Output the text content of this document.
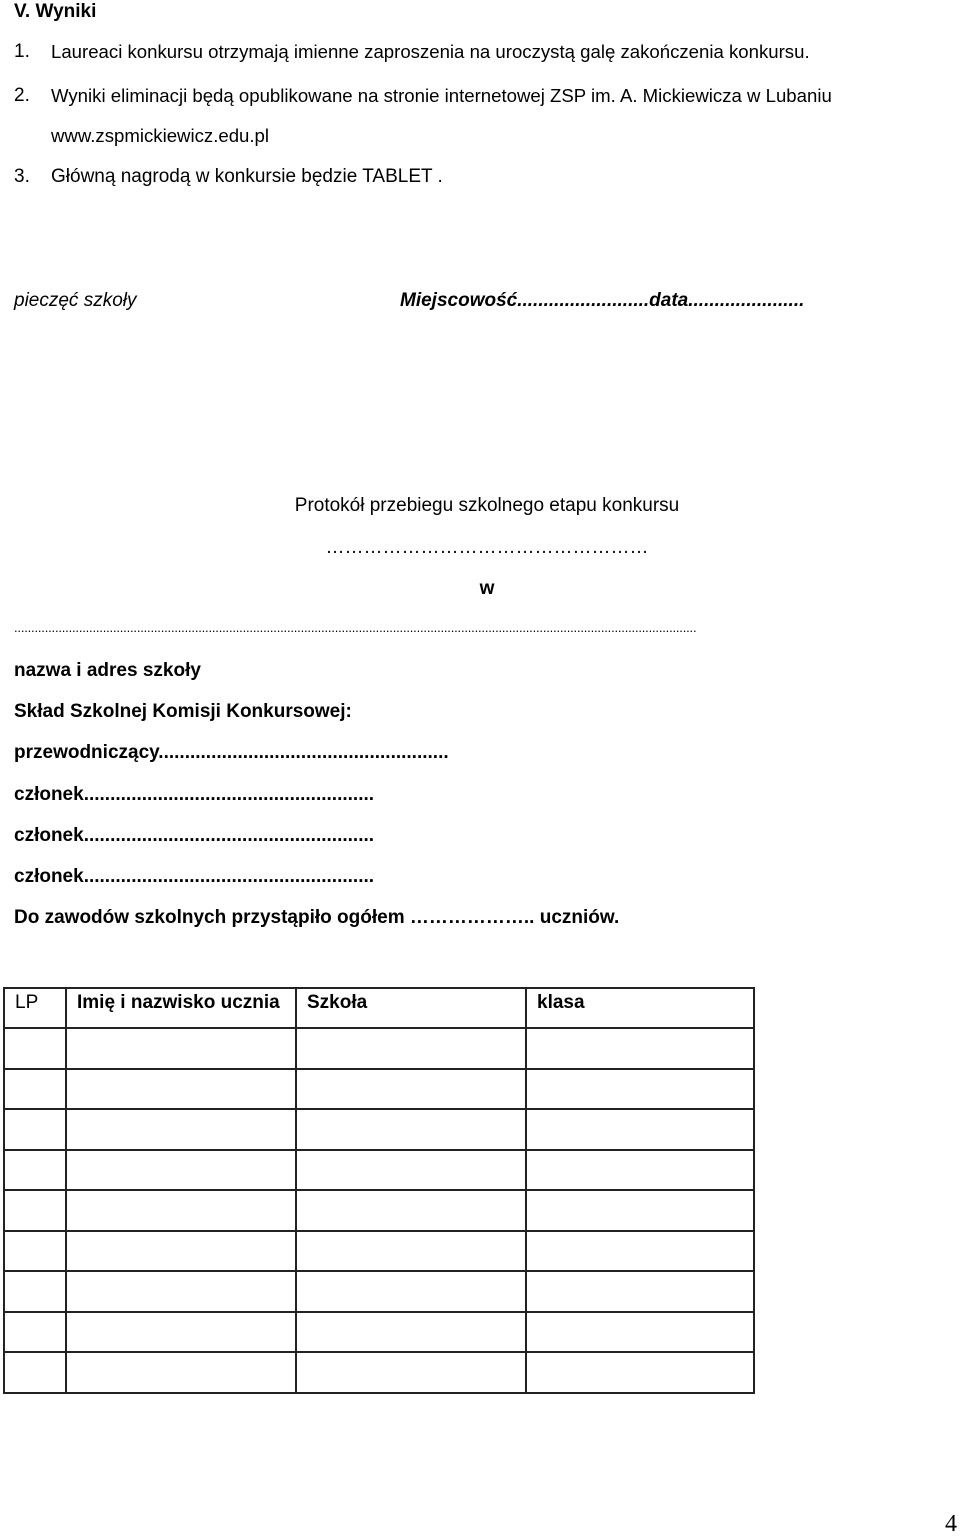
V. Wyniki
1. Laureaci konkursu otrzymają imienne zaproszenia na uroczystą galę zakończenia konkursu.
2. Wyniki eliminacji będą opublikowane na stronie internetowej ZSP im. A. Mickiewicza w Lubaniu
www.zspmickiewicz.edu.pl
3. Główną nagrodą w konkursie będzie TABLET .
pieczęć szkoły	Miejscowość.........................data......................
Protokół przebiegu szkolnego etapu konkursu
……………………………………………
w
........................................................................................................................................................................................................
nazwa i adres szkoły
Skład Szkolnej Komisji Konkursowej:
przewodniczący.......................................................
członek.......................................................
członek.......................................................
członek.......................................................
Do zawodów szkolnych przystąpiło ogółem ……………….. uczniów.
LP	Imię i nazwisko ucznia	Szkoła	klasa

4
